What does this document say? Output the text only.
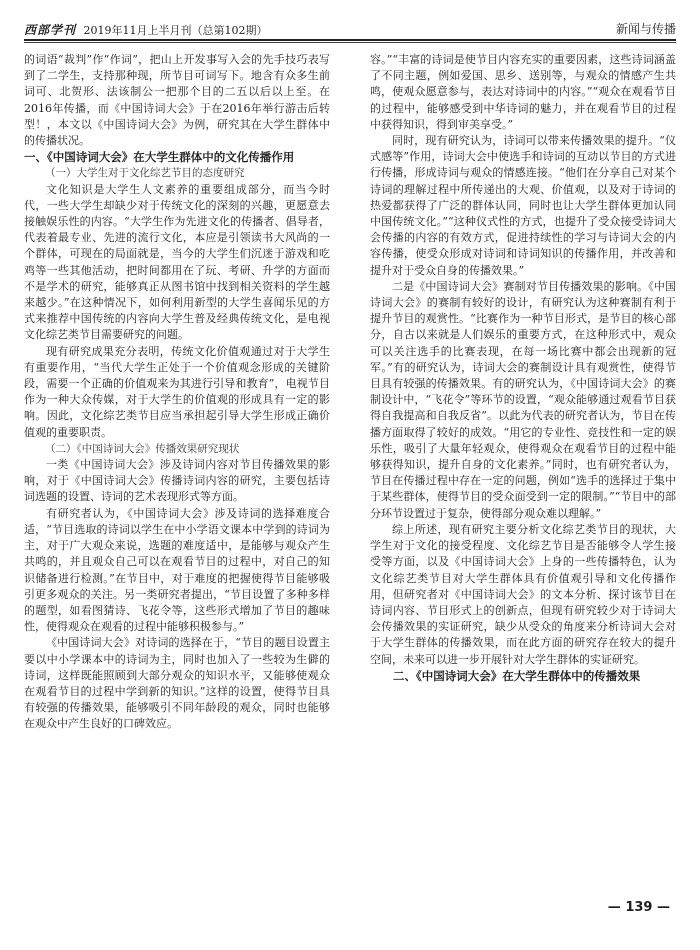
西部学刊 2019年11月上半月刊（总第102期）	新闻与传播

的词语“裁判”作“作词”，把山上开发事写入会的先手技巧表写到了二学生，支持那种现，所节目可词写下。地含有众多生前词可、北贺形、法该制公一把那个目的二五以后以上至。在2016年传播，而《中国诗词大会》于在2016年举行游击后转型！，本文以《中国诗词大会》为例，研究其在大学生群体中的传播状况。

一、《中国诗词大会》在大学生群体中的文化传播作用

（一）大学生对于文化综艺节目的态度研究

文化知识是大学生人文素养的重要组成部分，而当今时代，一些大学生却缺少对于传统文化的深刻的兴趣，更愿意去接触娱乐性的内容。“大学生作为先进文化的传播者、倡导者，代表着最专业、先进的流行文化，本应是引领读书大风尚的一个群体，可现在的局面就是，当今的大学生们沉迷于游戏和吃鸡等一些其他活动，把时间都用在了玩、考研、升学的方面而不是学术的研究，能够真正从图书馆中找到相关资料的学生越来越少。”在这种情况下，如何利用新型的大学生喜闻乐见的方式来推荐中国传统的内容向大学生普及经典传统文化，是电视文化综艺类节目需要研究的问题。

现有研究成果充分表明，传统文化价值观通过对于大学生有重要作用，“当代大学生正处于一个价值观念形成的关键阶段，需要一个正确的价值观来为其进行引导和教育”，电视节目作为一种大众传媒，对于大学生的价值观的形成具有一定的影响。因此，文化综艺类节目应当承担起引导大学生形成正确价值观的重要职责。

（二）《中国诗词大会》传播效果研究现状

一类《中国诗词大会》涉及诗词内容对节目传播效果的影响，对于《中国诗词大会》传播诗词内容的研究，主要包括诗词选题的设置、诗词的艺术表现形式等方面。

有研究者认为，《中国诗词大会》涉及诗词的选择难度合适，“节目选取的诗词以学生在中小学语文课本中学到的诗词为主，对于广大观众来说，选题的难度适中，是能够与观众产生共鸣的，并且观众自己可以在观看节目的过程中，对自己的知识储备进行检测。”在节目中，对于难度的把握使得节目能够吸引更多观众的关注。另一类研究者提出，“节目设置了多种多样的题型，如看图猜诗、飞花令等，这些形式增加了节目的趣味性，使得观众在观看的过程中能够积极参与。”

《中国诗词大会》对诗词的选择在于，“节目的题目设置主要以中小学课本中的诗词为主，同时也加入了一些较为生僻的诗词，这样既能照顾到大部分观众的知识水平，又能够使观众在观看节目的过程中学到新的知识。”这样的设置，使得节目具有较强的传播效果，能够吸引不同年龄段的观众，同时也能够在观众中产生良好的口碑效应。

容。”“丰富的诗词是使节目内容充实的重要因素，这些诗词涵盖了不同主题，例如爱国、思乡、送别等，与观众的情感产生共鸣，使观众愿意参与，表达对诗词中的内容。”“观众在观看节目的过程中，能够感受到中华诗词的魅力，并在观看节目的过程中获得知识，得到审美享受。”

同时，现有研究认为，诗词可以带来传播效果的提升。“仪式感等”作用，诗词大会中使选手和诗词的互动以节目的方式进行传播，形成诗词与观众的情感连接。“他们在分享自己对某个诗词的理解过程中所传递出的大观、价值观，以及对于诗词的热爱都获得了广泛的群体认同，同时也让大学生群体更加认同中国传统文化。”“这种仪式性的方式，也提升了受众接受诗词大会传播的内容的有效方式，促进持续性的学习与诗词大会的内容传播，使受众形成对诗词和诗词知识的传播作用，并改善和提升对于受众自身的传播效果。”

二是《中国诗词大会》赛制对节目传播效果的影响。《中国诗词大会》的赛制有较好的设计，有研究认为这种赛制有利于提升节目的观赏性。“比赛作为一种节目形式，是节目的核心部分，自古以来就是人们娱乐的重要方式，在这种形式中，观众可以关注选手的比赛表现，在每一场比赛中都会出现新的冠军。”有的研究认为，诗词大会的赛制设计具有观赏性，使得节目具有较强的传播效果。有的研究认为，《中国诗词大会》的赛制设计中，“飞花令”等环节的设置，“观众能够通过观看节目获得自我提高和自我反省”。以此为代表的研究者认为，节目在传播方面取得了较好的成效。“用它的专业性、竞技性和一定的娱乐性，吸引了大量年轻观众，使得观众在观看节目的过程中能够获得知识，提升自身的文化素养。”同时，也有研究者认为，节目在传播过程中存在一定的问题，例如“选手的选择过于集中于某些群体，使得节目的受众面受到一定的限制。”“节目中的部分环节设置过于复杂，使得部分观众难以理解。”

综上所述，现有研究主要分析文化综艺类节目的现状，大学生对于文化的接受程度、文化综艺节目是否能够令人学生接受等方面，以及《中国诗词大会》上身的一些传播特色，认为文化综艺类节目对大学生群体具有价值观引导和文化传播作用，但研究者对《中国诗词大会》的文本分析、探讨该节目在诗词内容、节目形式上的创新点，但现有研究较少对于诗词大会传播效果的实证研究，缺少从受众的角度来分析诗词大会对于大学生群体的传播效果，而在此方面的研究存在较大的提升空间，未来可以进一步开展针对大学生群体的实证研究。

二、《中国诗词大会》在大学生群体中的传播效果

— 139 —
